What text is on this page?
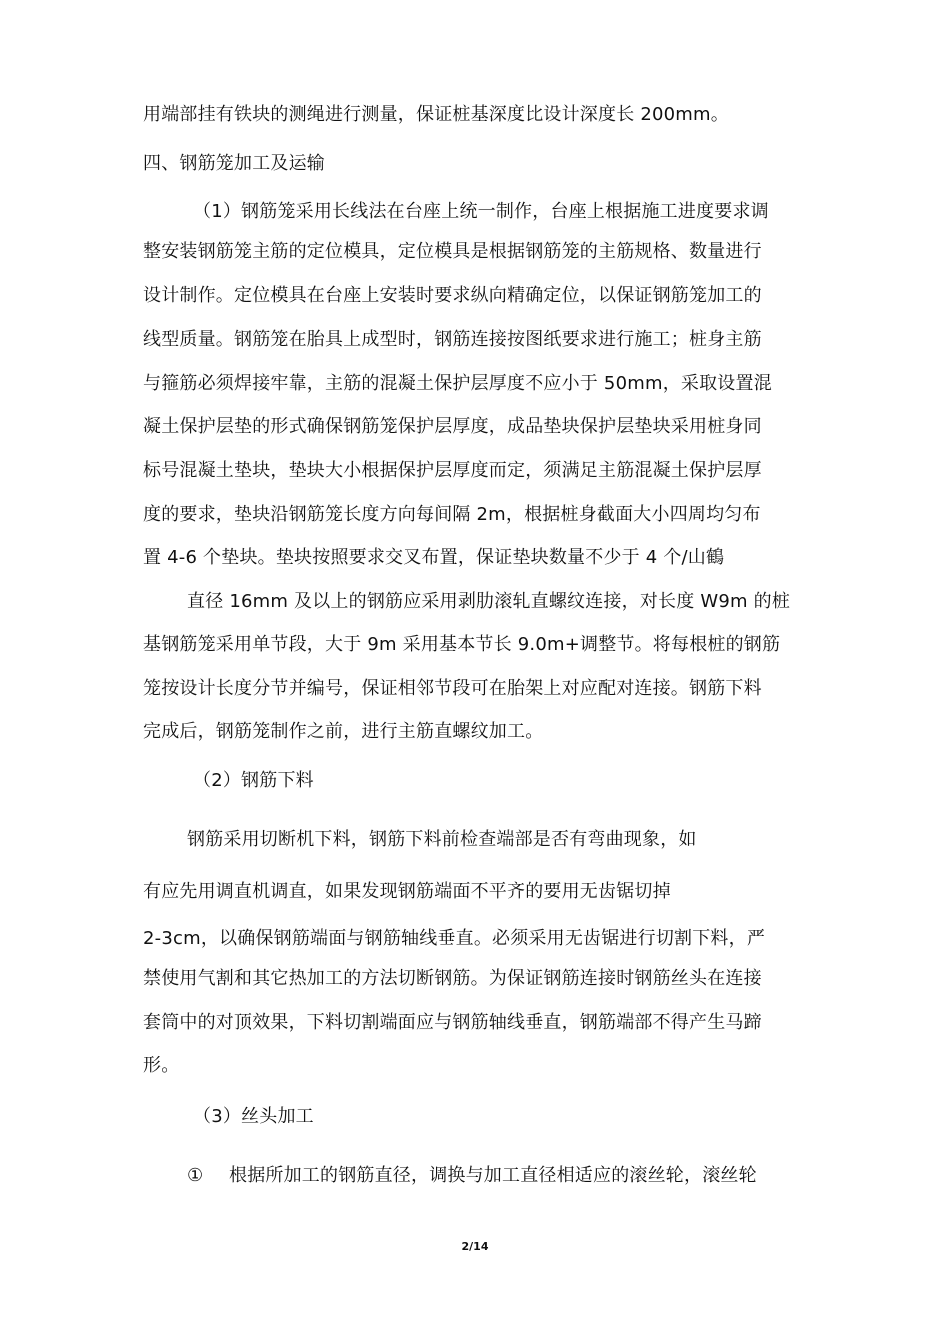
用端部挂有铁块的测绳进行测量，保证桩基深度比设计深度长 200mm。
四、钢筋笼加工及运输
（1）钢筋笼采用长线法在台座上统一制作，台座上根据施工进度要求调
整安装钢筋笼主筋的定位模具，定位模具是根据钢筋笼的主筋规格、数量进行
设计制作。定位模具在台座上安装时要求纵向精确定位，以保证钢筋笼加工的
线型质量。钢筋笼在胎具上成型时，钢筋连接按图纸要求进行施工；桩身主筋
与箍筋必须焊接牢靠，主筋的混凝土保护层厚度不应小于 50mm，采取设置混
凝土保护层垫的形式确保钢筋笼保护层厚度，成品垫块保护层垫块采用桩身同
标号混凝土垫块，垫块大小根据保护层厚度而定，须满足主筋混凝土保护层厚
度的要求，垫块沿钢筋笼长度方向每间隔 2m，根据桩身截面大小四周均匀布
置 4-6 个垫块。垫块按照要求交叉布置，保证垫块数量不少于 4 个/山鶴
直径 16mm 及以上的钢筋应采用剥肋滚轧直螺纹连接，对长度 W9m 的桩
基钢筋笼采用单节段，大于 9m 采用基本节长 9.0m+调整节。将每根桩的钢筋
笼按设计长度分节并编号，保证相邻节段可在胎架上对应配对连接。钢筋下料
完成后，钢筋笼制作之前，进行主筋直螺纹加工。
（2）钢筋下料
钢筋采用切断机下料，钢筋下料前检查端部是否有弯曲现象，如
有应先用调直机调直，如果发现钢筋端面不平齐的要用无齿锯切掉
2-3cm，以确保钢筋端面与钢筋轴线垂直。必须采用无齿锯进行切割下料，严
禁使用气割和其它热加工的方法切断钢筋。为保证钢筋连接时钢筋丝头在连接
套筒中的对顶效果，下料切割端面应与钢筋轴线垂直，钢筋端部不得产生马蹄
形。
（3）丝头加工
① 根据所加工的钢筋直径，调换与加工直径相适应的滚丝轮，滚丝轮
2/14
